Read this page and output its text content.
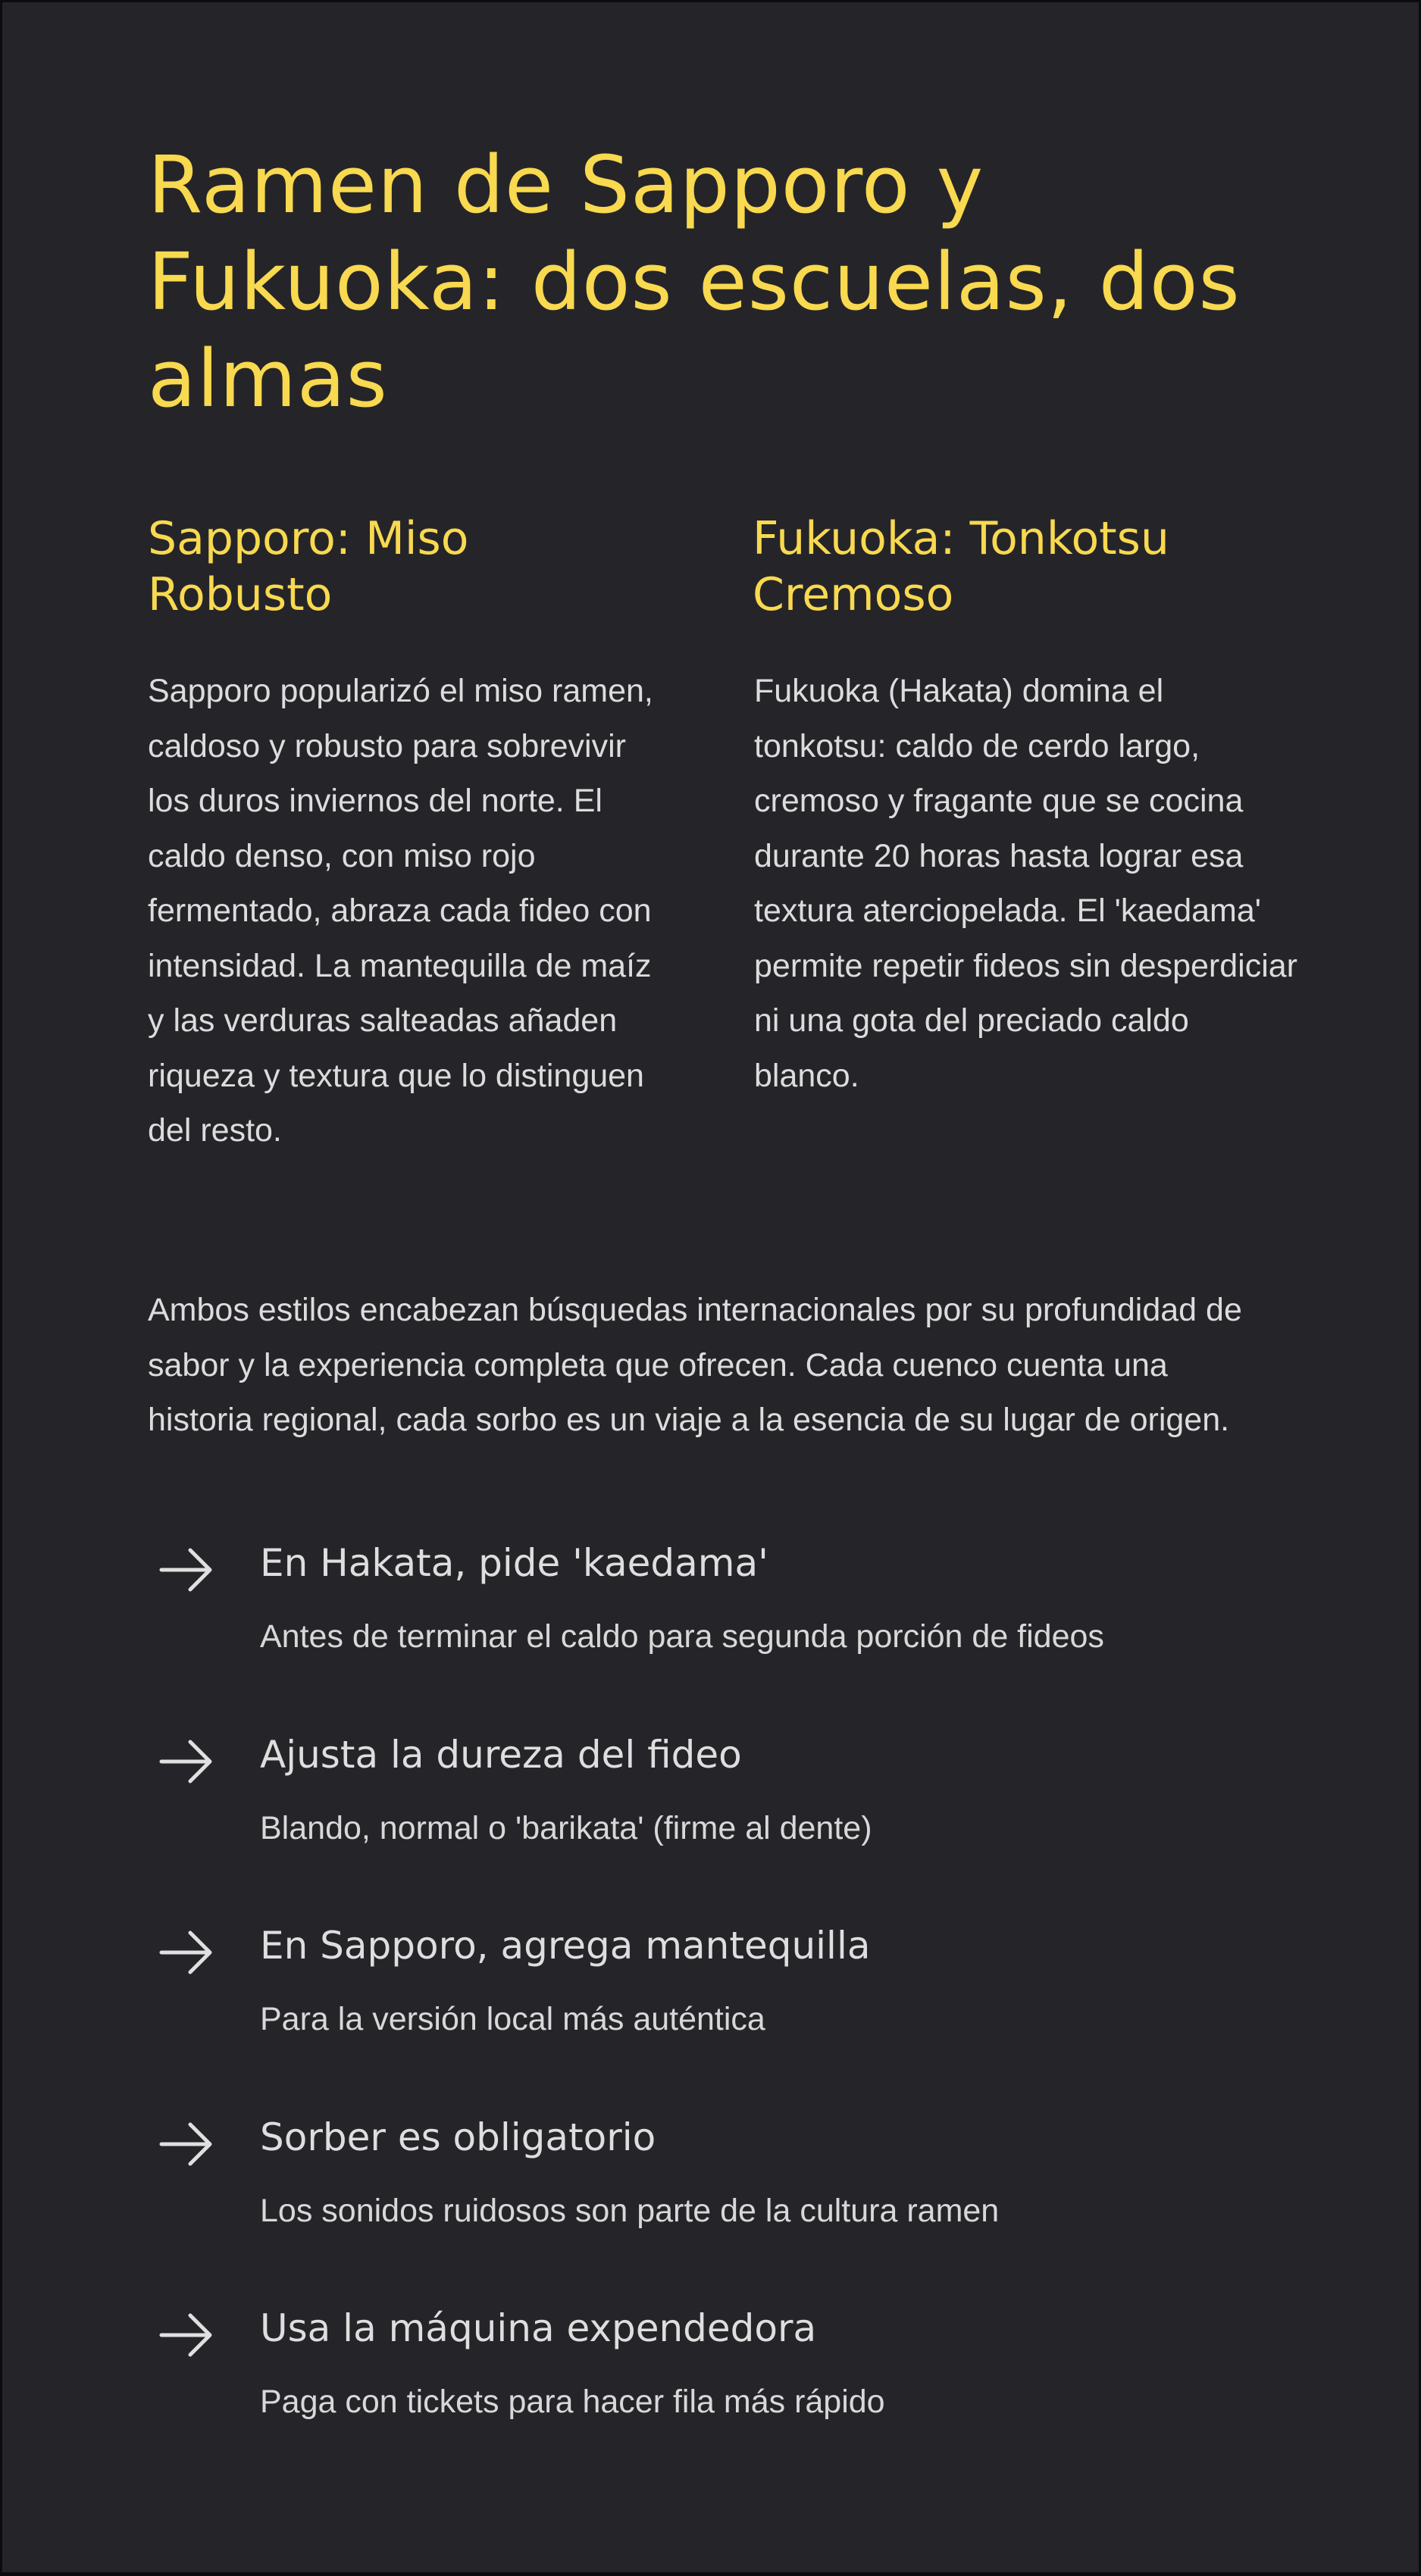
Ramen de Sapporo y Fukuoka: dos escuelas, dos almas
Sapporo: Miso Robusto

Sapporo popularizó el miso ramen, caldoso y robusto para sobrevivir los duros inviernos del norte. El caldo denso, con miso rojo fermentado, abraza cada fideo con intensidad. La mantequilla de maíz y las verduras salteadas añaden riqueza y textura que lo distinguen del resto.

Fukuoka: Tonkotsu Cremoso

Fukuoka (Hakata) domina el tonkotsu: caldo de cerdo largo, cremoso y fragante que se cocina durante 20 horas hasta lograr esa textura aterciopelada. El 'kaedama' permite repetir fideos sin desperdiciar ni una gota del preciado caldo blanco.

Ambos estilos encabezan búsquedas internacionales por su profundidad de sabor y la experiencia completa que ofrecen. Cada cuenco cuenta una historia regional, cada sorbo es un viaje a la esencia de su lugar de origen.

En Hakata, pide 'kaedama'

Antes de terminar el caldo para segunda porción de fideos

Ajusta la dureza del fideo

Blando, normal o 'barikata' (firme al dente)

En Sapporo, agrega mantequilla

Para la versión local más auténtica

Sorber es obligatorio

Los sonidos ruidosos son parte de la cultura ramen

Usa la máquina expendedora

Paga con tickets para hacer fila más rápido
